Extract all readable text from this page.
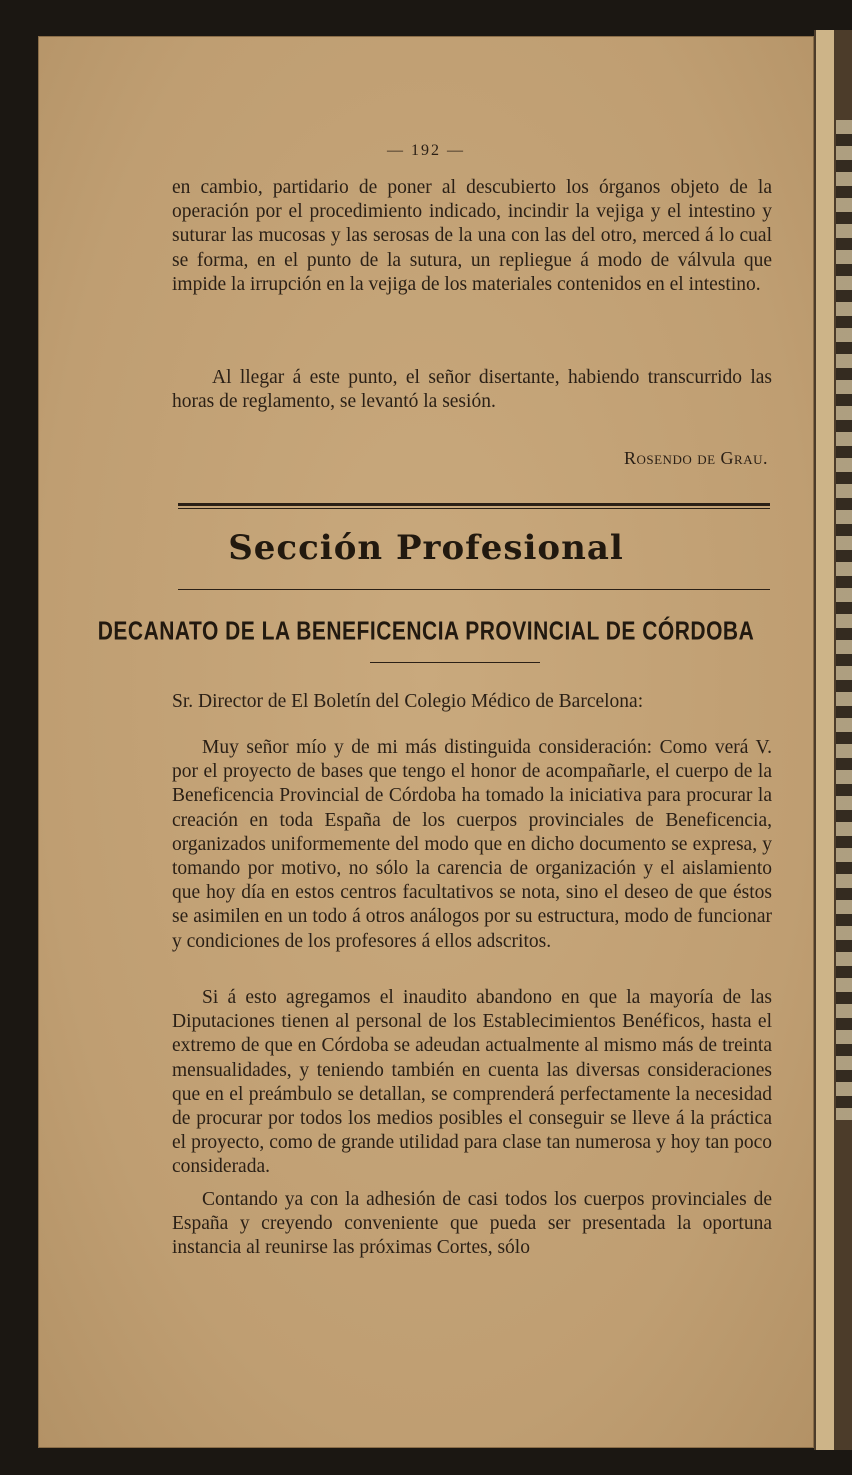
— 192 —

en cambio, partidario de poner al descubierto los órganos objeto de la operación por el procedimiento indicado, incindir la vejiga y el intestino y suturar las mucosas y las serosas de la una con las del otro, merced á lo cual se forma, en el punto de la sutura, un repliegue á modo de válvula que impide la irrupción en la vejiga de los materiales contenidos en el intestino.

Al llegar á este punto, el señor disertante, habiendo transcurrido las horas de reglamento, se levantó la sesión.

Rosendo de Grau.
Sección Profesional
DECANATO DE LA BENEFICENCIA PROVINCIAL DE CÓRDOBA

Sr. Director de El Boletín del Colegio Médico de Barcelona:

Muy señor mío y de mi más distinguida consideración: Como verá V. por el proyecto de bases que tengo el honor de acompañarle, el cuerpo de la Beneficencia Provincial de Córdoba ha tomado la iniciativa para procurar la creación en toda España de los cuerpos provinciales de Beneficencia, organizados uniformemente del modo que en dicho documento se expresa, y tomando por motivo, no sólo la carencia de organización y el aislamiento que hoy día en estos centros facultativos se nota, sino el deseo de que éstos se asimilen en un todo á otros análogos por su estructura, modo de funcionar y condiciones de los profesores á ellos adscritos.

Si á esto agregamos el inaudito abandono en que la mayoría de las Diputaciones tienen al personal de los Establecimientos Benéficos, hasta el extremo de que en Córdoba se adeudan actualmente al mismo más de treinta mensualidades, y teniendo también en cuenta las diversas consideraciones que en el preámbulo se detallan, se comprenderá perfectamente la necesidad de procurar por todos los medios posibles el conseguir se lleve á la práctica el proyecto, como de grande utilidad para clase tan numerosa y hoy tan poco considerada.

Contando ya con la adhesión de casi todos los cuerpos provinciales de España y creyendo conveniente que pueda ser presentada la oportuna instancia al reunirse las próximas Cortes, sólo
